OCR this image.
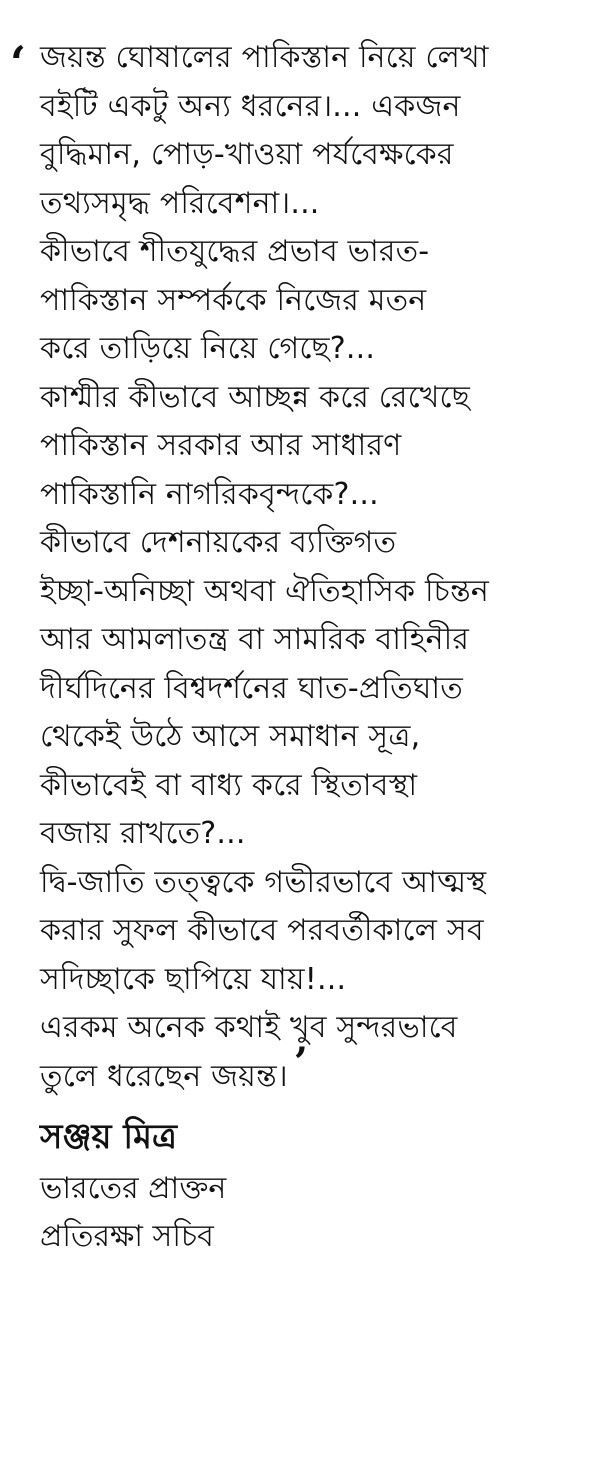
‘ জয়ন্ত ঘোষালের পাকিস্তান নিয়ে লেখা
বইটি একটু অন্য ধরনের।... একজন
বুদ্ধিমান, পোড়-খাওয়া পর্যবেক্ষকের
তথ্যসমৃদ্ধ পরিবেশনা।...
কীভাবে শীতযুদ্ধের প্রভাব ভারত-
পাকিস্তান সম্পর্ককে নিজের মতন
করে তাড়িয়ে নিয়ে গেছে?...
কাশ্মীর কীভাবে আচ্ছন্ন করে রেখেছে
পাকিস্তান সরকার আর সাধারণ
পাকিস্তানি নাগরিকবৃন্দকে?...
কীভাবে দেশনায়কের ব্যক্তিগত
ইচ্ছা-অনিচ্ছা অথবা ঐতিহাসিক চিন্তন
আর আমলাতন্ত্র বা সামরিক বাহিনীর
দীর্ঘদিনের বিশ্বদর্শনের ঘাত-প্রতিঘাত
থেকেই উঠে আসে সমাধান সূত্র,
কীভাবেই বা বাধ্য করে স্থিতাবস্থা
বজায় রাখতে?...
দ্বি-জাতি তত্ত্বকে গভীরভাবে আত্মস্থ
করার সুফল কীভাবে পরবর্তীকালে সব
সদিচ্ছাকে ছাপিয়ে যায়!...
এরকম অনেক কথাই খুব সুন্দরভাবে
তুলে ধরেছেন জয়ন্ত। ’
সঞ্জয় মিত্র
ভারতের প্রাক্তন
প্রতিরক্ষা সচিব
